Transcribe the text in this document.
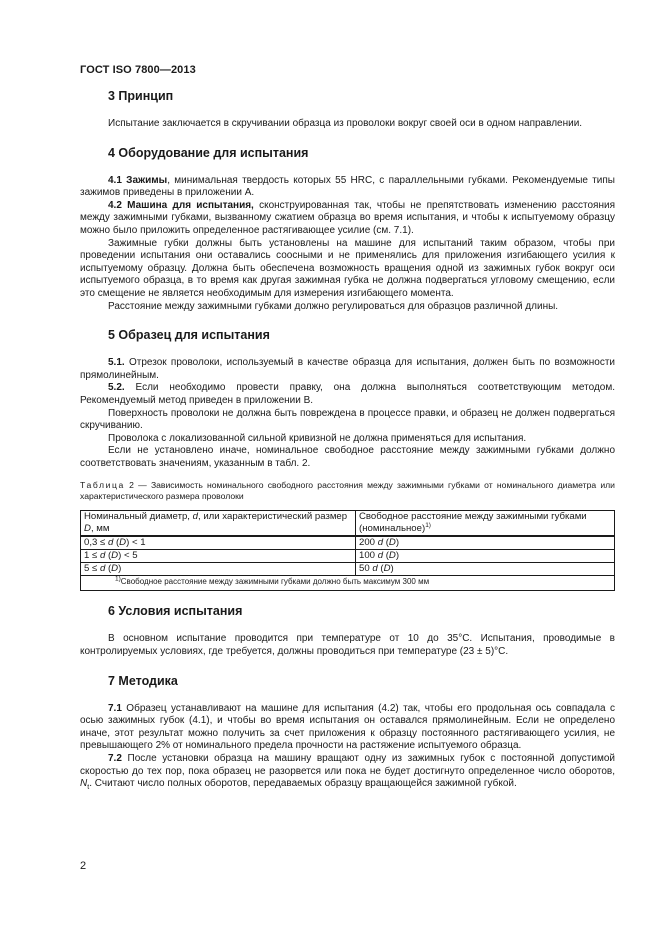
ГОСТ ISO 7800—2013
3 Принцип

Испытание заключается в скручивании образца из проволоки вокруг своей оси в одном направлении.

4 Оборудование для испытания

4.1 Зажимы, минимальная твердость которых 55 HRC, с параллельными губками. Рекомендуемые типы зажимов приведены в приложении А.

4.2 Машина для испытания, сконструированная так, чтобы не препятствовать изменению расстояния между зажимными губками, вызванному сжатием образца во время испытания, и чтобы к испытуемому образцу можно было приложить определенное растягивающее усилие (см. 7.1).

Зажимные губки должны быть установлены на машине для испытаний таким образом, чтобы при проведении испытания они оставались соосными и не применялись для приложения изгибающего усилия к испытуемому образцу. Должна быть обеспечена возможность вращения одной из зажимных губок вокруг оси испытуемого образца, в то время как другая зажимная губка не должна подвергаться угловому смещению, если это смещение не является необходимым для измерения изгибающего момента.

Расстояние между зажимными губками должно регулироваться для образцов различной длины.

5 Образец для испытания

5.1. Отрезок проволоки, используемый в качестве образца для испытания, должен быть по возможности прямолинейным.

5.2. Если необходимо провести правку, она должна выполняться соответствующим методом. Рекомендуемый метод приведен в приложении В.

Поверхность проволоки не должна быть повреждена в процессе правки, и образец не должен подвергаться скручиванию.

Проволока с локализованной сильной кривизной не должна применяться для испытания.

Если не установлено иначе, номинальное свободное расстояние между зажимными губками должно соответствовать значениям, указанным в табл. 2.

Таблица 2 — Зависимость номинального свободного расстояния между зажимными губками от номинального диаметра или характеристического размера проволоки
Номинальный диаметр, d, или характеристический размер D, мм	Свободное расстояние между зажимными губками (номинальное)$^{1)}$
0,3 ≤ d (D) < 1	200 d (D)
1 ≤ d (D) < 5	100 d (D)
5 ≤ d (D)	50 d (D)
$^{1)}$Свободное расстояние между зажимными губками должно быть максимум 300 мм	
6 Условия испытания

В основном испытание проводится при температуре от 10 до 35°С. Испытания, проводимые в контролируемых условиях, где требуется, должны проводиться при температуре (23 ± 5)°С.

7 Методика

7.1 Образец устанавливают на машине для испытания (4.2) так, чтобы его продольная ось совпадала с осью зажимных губок (4.1), и чтобы во время испытания он оставался прямолинейным. Если не определено иначе, этот результат можно получить за счет приложения к образцу постоянного растягивающего усилия, не превышающего 2% от номинального предела прочности на растяжение испытуемого образца.

7.2 После установки образца на машину вращают одну из зажимных губок с постоянной допустимой скоростью до тех пор, пока образец не разорвется или пока не будет достигнуто определенное число оборотов, $N_t$. Считают число полных оборотов, передаваемых образцу вращающейся зажимной губкой.

2
